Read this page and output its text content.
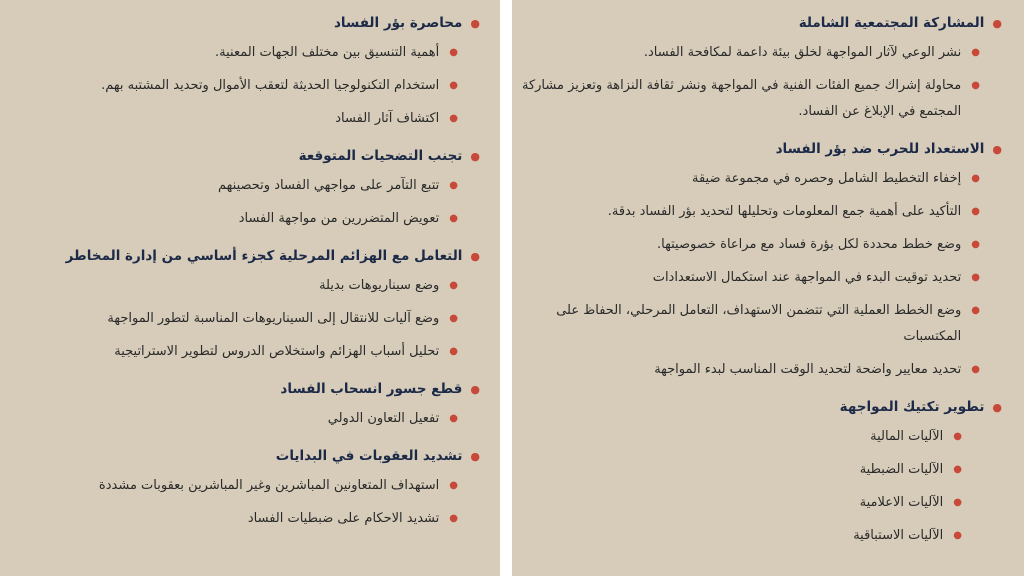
●
المشاركة المجتمعية الشاملة
●
نشر الوعي لآثار المواجهة لخلق بيئة داعمة لمكافحة الفساد.
●
محاولة إشراك جميع الفئات الفنية في المواجهة ونشر ثقافة النزاهة وتعزيز مشاركة المجتمع في الإبلاغ عن الفساد.
●
الاستعداد للحرب ضد بؤر الفساد
●
إخفاء التخطيط الشامل وحصره في مجموعة ضيقة
●
التأكيد على أهمية جمع المعلومات وتحليلها لتحديد بؤر الفساد بدقة.
●
وضع خطط محددة لكل بؤرة فساد مع مراعاة خصوصيتها.
●
تحديد توقيت البدء في المواجهة عند استكمال الاستعدادات
●
وضع الخطط العملية التي تتضمن الاستهداف، التعامل المرحلي، الحفاظ على المكتسبات
●
تحديد معايير واضحة لتحديد الوقت المناسب لبدء المواجهة
●
تطوير تكتيك المواجهة
●
الآليات المالية
●
الآليات الضبطية
●
الآليات الاعلامية
●
الآليات الاستباقية
●
محاصرة بؤر الفساد
●
أهمية التنسيق بين مختلف الجهات المعنية.
●
استخدام التكنولوجيا الحديثة لتعقب الأموال وتحديد المشتبه بهم.
●
اكتشاف آثار الفساد
●
تجنب التضحيات المتوقعة
●
تتبع التآمر على مواجهي الفساد وتحصينهم
●
تعويض المتضررين من مواجهة الفساد
●
التعامل مع الهزائم المرحلية كجزء أساسي من إدارة المخاطر
●
وضع سيناريوهات بديلة
●
وضع آليات للانتقال إلى السيناريوهات المناسبة لتطور المواجهة
●
تحليل أسباب الهزائم واستخلاص الدروس لتطوير الاستراتيجية
●
قطع جسور انسحاب الفساد
●
تفعيل التعاون الدولي
●
تشديد العقوبات في البدايات
●
استهداف المتعاونين المباشرين وغير المباشرين بعقوبات مشددة
●
تشديد الاحكام على ضبطيات الفساد
